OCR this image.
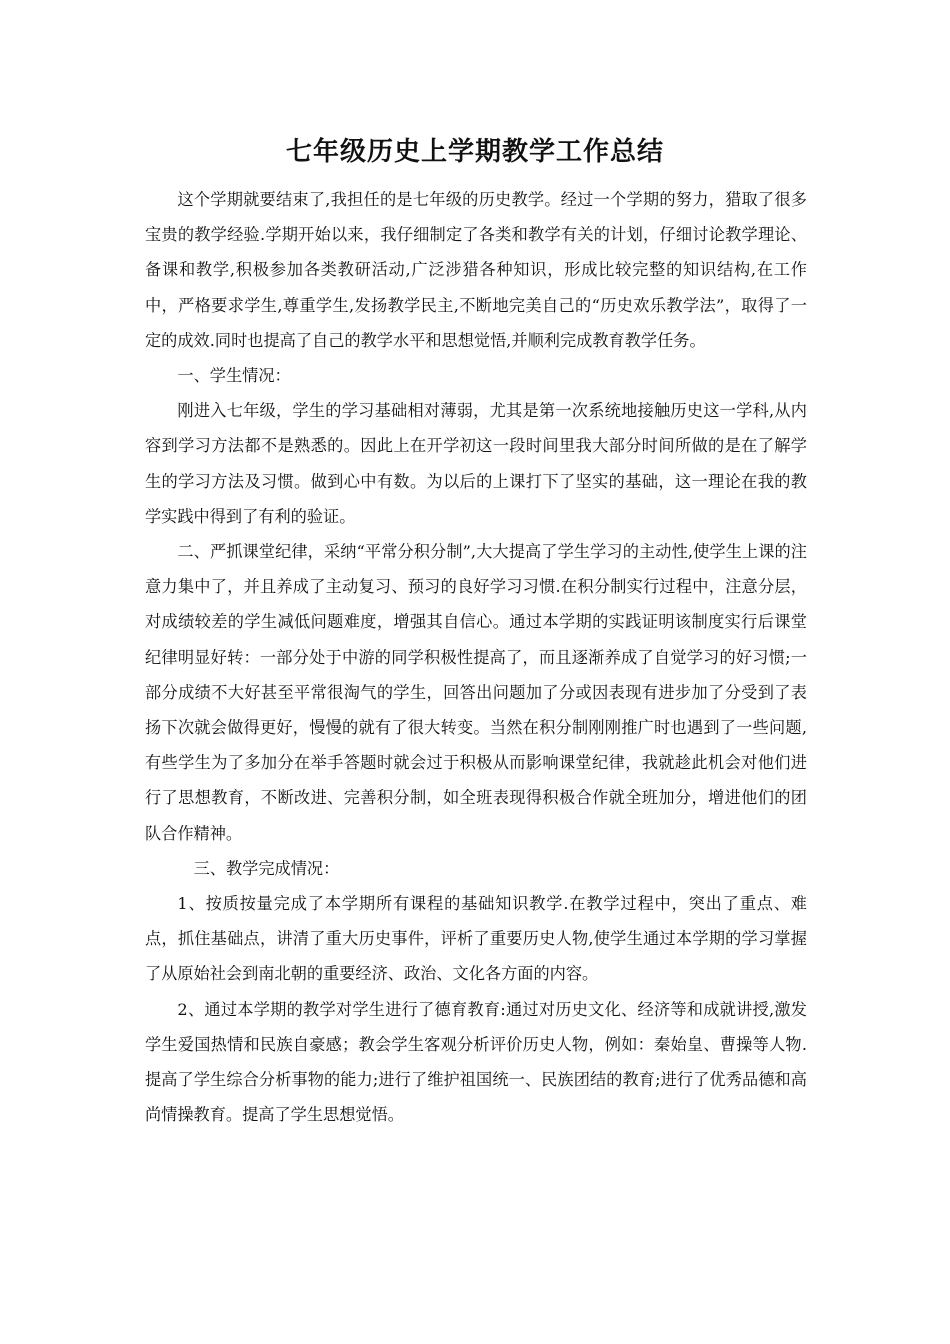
七年级历史上学期教学工作总结

这个学期就要结束了,我担任的是七年级的历史教学。经过一个学期的努力，猎取了很多宝贵的教学经验.学期开始以来，我仔细制定了各类和教学有关的计划，仔细讨论教学理论、备课和教学,积极参加各类教研活动,广泛涉猎各种知识，形成比较完整的知识结构,在工作中，严格要求学生,尊重学生,发扬教学民主,不断地完美自己的“历史欢乐教学法”，取得了一定的成效.同时也提高了自己的教学水平和思想觉悟,并顺利完成教育教学任务。

一、学生情况：

刚进入七年级，学生的学习基础相对薄弱，尤其是第一次系统地接触历史这一学科,从内容到学习方法都不是熟悉的。因此上在开学初这一段时间里我大部分时间所做的是在了解学生的学习方法及习惯。做到心中有数。为以后的上课打下了坚实的基础，这一理论在我的教学实践中得到了有利的验证。

二、严抓课堂纪律，采纳“平常分积分制”,大大提高了学生学习的主动性,使学生上课的注意力集中了，并且养成了主动复习、预习的良好学习习惯.在积分制实行过程中，注意分层，对成绩较差的学生减低问题难度，增强其自信心。通过本学期的实践证明该制度实行后课堂纪律明显好转：一部分处于中游的同学积极性提高了，而且逐渐养成了自觉学习的好习惯;一部分成绩不大好甚至平常很淘气的学生，回答出问题加了分或因表现有进步加了分受到了表扬下次就会做得更好，慢慢的就有了很大转变。当然在积分制刚刚推广时也遇到了一些问题,有些学生为了多加分在举手答题时就会过于积极从而影响课堂纪律，我就趁此机会对他们进行了思想教育，不断改进、完善积分制，如全班表现得积极合作就全班加分，增进他们的团队合作精神。

三、教学完成情况：

1、按质按量完成了本学期所有课程的基础知识教学.在教学过程中，突出了重点、难点，抓住基础点，讲清了重大历史事件，评析了重要历史人物,使学生通过本学期的学习掌握了从原始社会到南北朝的重要经济、政治、文化各方面的内容。

2、通过本学期的教学对学生进行了德育教育:通过对历史文化、经济等和成就讲授,激发学生爱国热情和民族自豪感；教会学生客观分析评价历史人物，例如：秦始皇、曹操等人物.提高了学生综合分析事物的能力;进行了维护祖国统一、民族团结的教育;进行了优秀品德和高尚情操教育。提高了学生思想觉悟。
